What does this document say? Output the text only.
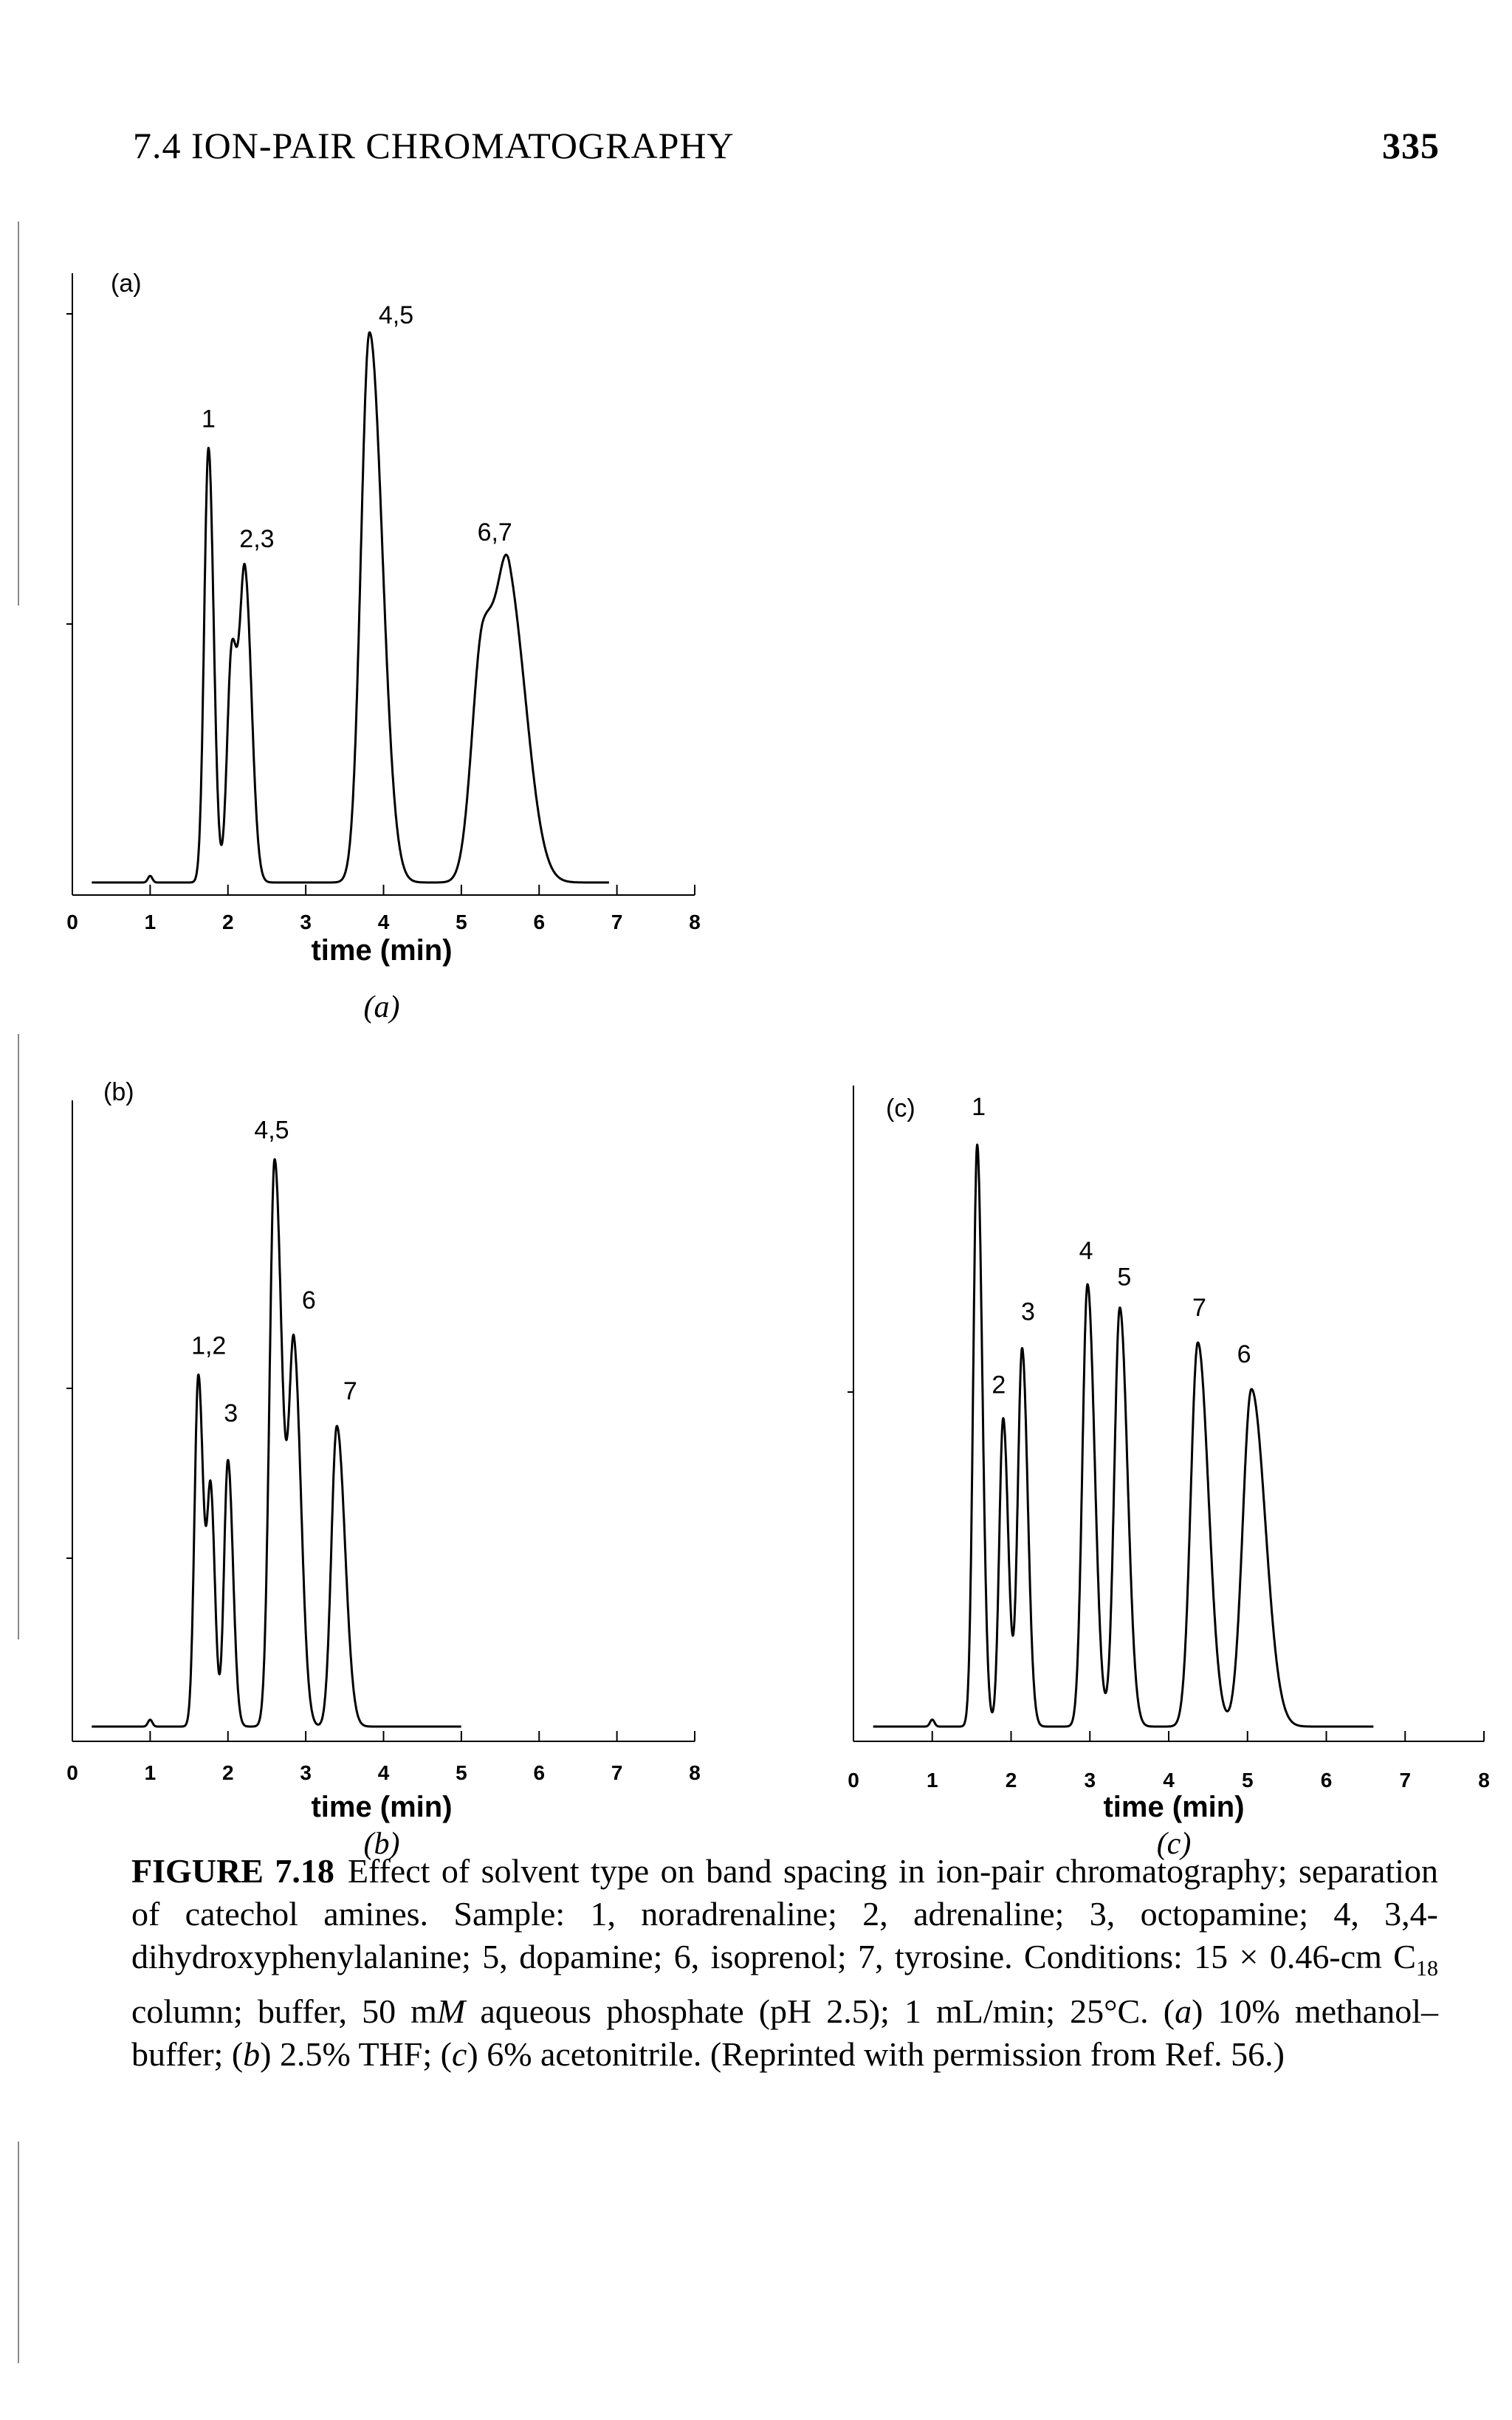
7.4 ION-PAIR CHROMATOGRAPHY	335
(a)
0	1	2	3	4	5	6	7	8
1
2,3
4,5
6,7
time (min)
(a)
(b)
0	1	2	3	4	5	6	7	8
1,2
3
4,5
6
7
time (min)
(b)
(c)
0	1	2	3	4	5	6	7	8
1
2
3
4
5
7
6
time (min)
(c)
FIGURE 7.18 Effect of solvent type on band spacing in ion-pair chromatography; separation of catechol amines. Sample: 1, noradrenaline; 2, adrenaline; 3, octopamine; 4, 3,4-dihydroxyphenylalanine; 5, dopamine; 6, isoprenol; 7, tyrosine. Conditions: 15 × 0.46-cm $C_{18}$ column; buffer, 50 mM aqueous phosphate (pH 2.5); 1 mL/min; 25°C. (a) 10% methanol–buffer; (b) 2.5% THF; (c) 6% acetonitrile. (Reprinted with permission from Ref. 56.)
